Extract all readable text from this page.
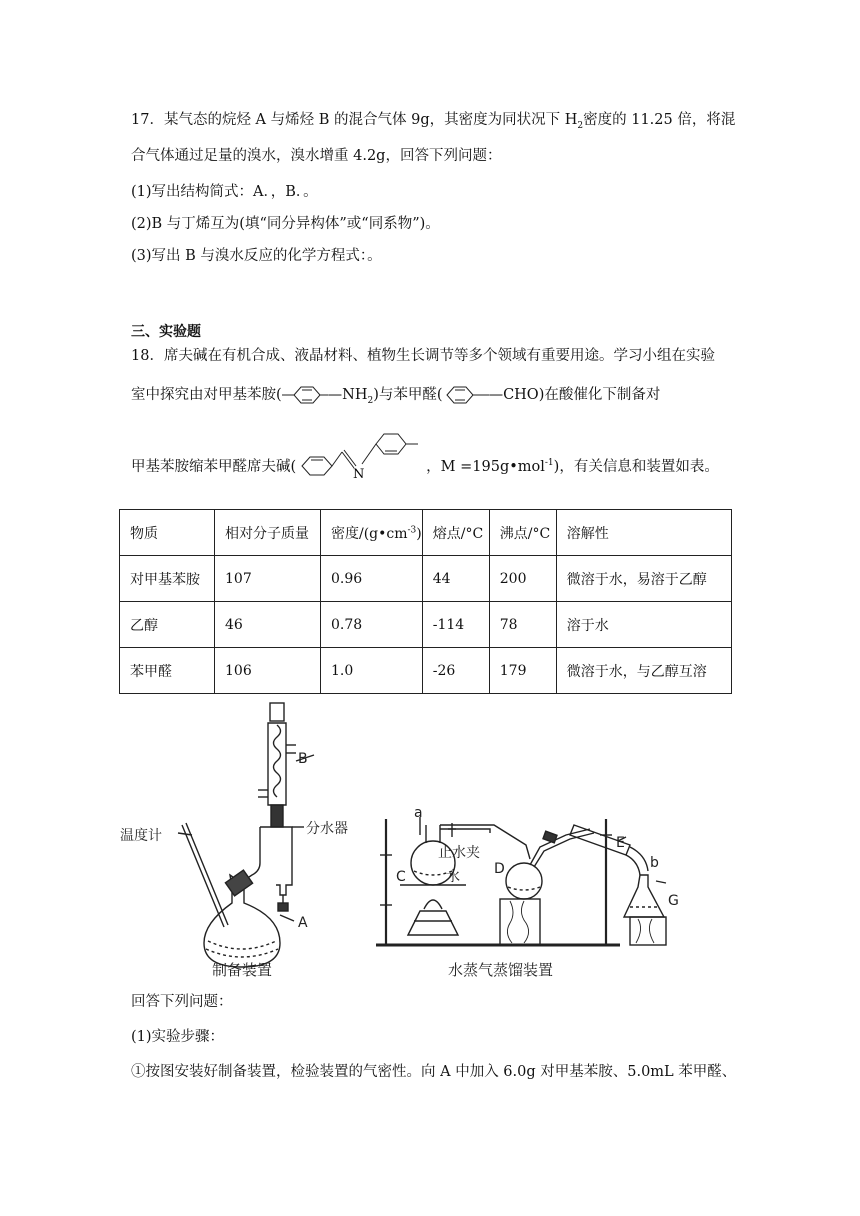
17．某气态的烷烃 A 与烯烃 B 的混合气体 9g，其密度为同状况下 $H_2$密度的 11.25 倍，将混
合气体通过足量的溴水，溴水增重 4.2g，回答下列问题：
(1)写出结构简式：A．，B．。
(2)B 与丁烯互为(填“同分异构体”或“同系物”)。
(3)写出 B 与溴水反应的化学方程式：。
三、实验题
18．席夫碱在有机合成、液晶材料、植物生长调节等多个领域有重要用途。学习小组在实验
室中探究由对甲基苯胺(	$—NH_2$)与苯甲醛(	—CHO)在酸催化下制备对
甲基苯胺缩苯甲醛席夫碱(	N	，M =195g•mol$^{-1}$)，有关信息和装置如表。
物质	相对分子质量	密度$/(g•cm^{-3})$	熔点/°C	沸点/°C	溶解性
对甲基苯胺	107	0.96	44	200	微溶于水，易溶于乙醇
乙醇	46	0.78	-114	78	溶于水
苯甲醛	106	1.0	-26	179	微溶于水，与乙醇互溶
温度计
B
分水器
A
制备装置
a
止水夹
C	水 D
E
b
G
水蒸气蒸馏装置
回答下列问题：
(1)实验步骤：
①按图安装好制备装置，检验装置的气密性。向 A 中加入 6.0g 对甲基苯胺、5.0mL 苯甲醛、
